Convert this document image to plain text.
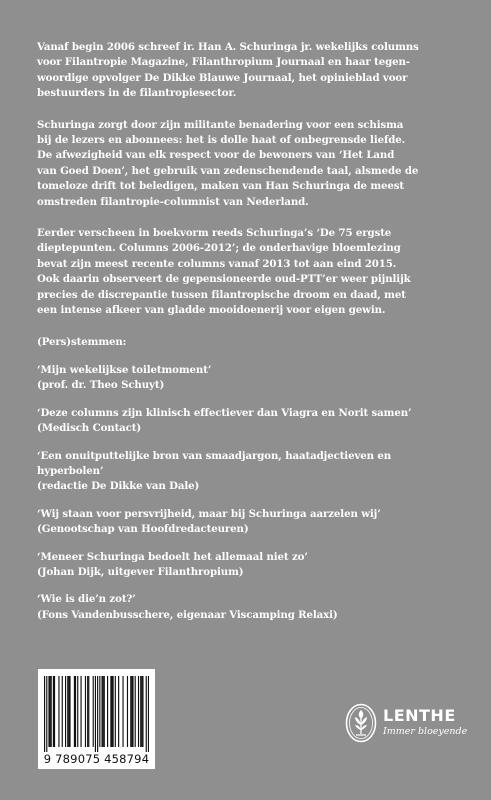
Vanaf begin 2006 schreef ir. Han A. Schuringa jr. wekelijks columns
voor Filantropie Magazine, Filanthropium Journaal en haar tegen-
woordige opvolger De Dikke Blauwe Journaal, het opinieblad voor
bestuurders in de filantropiesector.

Schuringa zorgt door zijn militante benadering voor een schisma
bij de lezers en abonnees: het is dolle haat of onbegrensde liefde.
De afwezigheid van elk respect voor de bewoners van ‘Het Land
van Goed Doen’, het gebruik van zedenschendende taal, alsmede de
tomeloze drift tot beledigen, maken van Han Schuringa de meest
omstreden filantropie-columnist van Nederland.

Eerder verscheen in boekvorm reeds Schuringa’s ‘De 75 ergste
dieptepunten. Columns 2006-2012’; de onderhavige bloemlezing
bevat zijn meest recente columns vanaf 2013 tot aan eind 2015.
Ook daarin observeert de gepensioneerde oud-PTT’er weer pijnlijk
precies de discrepantie tussen filantropische droom en daad, met
een intense afkeer van gladde mooidoenerij voor eigen gewin.

(Pers)stemmen:

‘Mijn wekelijkse toiletmoment’
(prof. dr. Theo Schuyt)
‘Deze columns zijn klinisch effectiever dan Viagra en Norit samen’
(Medisch Contact)
‘Een onuitputtelijke bron van smaadjargon, haatadjectieven en
hyperbolen’
(redactie De Dikke van Dale)
‘Wij staan voor persvrijheid, maar bij Schuringa aarzelen wij’
(Genootschap van Hoofdredacteuren)
‘Meneer Schuringa bedoelt het allemaal niet zo’
(Johan Dijk, uitgever Filanthropium)
‘Wie is die’n zot?’
(Fons Vandenbusschere, eigenaar Viscamping Relaxi)
9 789075 458794
LENTHE
Immer bloeyende
